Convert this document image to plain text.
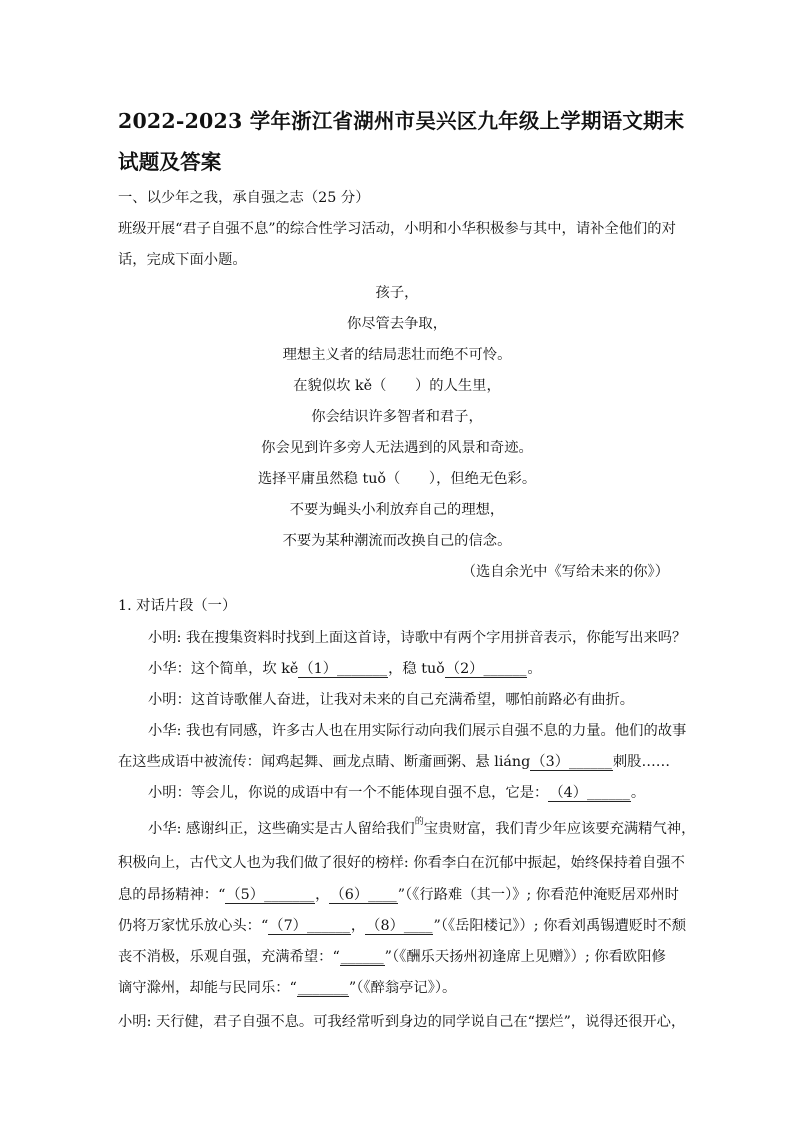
2022-2023 学年浙江省湖州市吴兴区九年级上学期语文期末

试题及答案

一、以少年之我，承自强之志（25 分）

班级开展“君子自强不息”的综合性学习活动，小明和小华积极参与其中，请补全他们的对

话，完成下面小题。

孩子，

你尽管去争取，

理想主义者的结局悲壮而绝不可怜。

在貌似坎 kě（　　）的人生里，

你会结识许多智者和君子，

你会见到许多旁人无法遇到的风景和奇迹。

选择平庸虽然稳 tuǒ（　　），但绝无色彩。

不要为蝇头小利放弃自己的理想，

不要为某种潮流而改换自己的信念。

（选自余光中《写给未来的你》）

1. 对话片段（一）

小明: 我在搜集资料时找到上面这首诗，诗歌中有两个字用拼音表示，你能写出来吗？

小华：这个简单，坎 kě（1）_______，稳 tuǒ（2）______。

小明：这首诗歌催人奋进，让我对未来的自己充满希望，哪怕前路必有曲折。

小华: 我也有同感，许多古人也在用实际行动向我们展示自强不息的力量。他们的故事

在这些成语中被流传：闻鸡起舞、画龙点睛、断齑画粥、悬 liáng（3）______刺股……

小明：等会儿，你说的成语中有一个不能体现自强不息，它是：（4）______。

小华: 感谢纠正，这些确实是古人留给我们$^的$宝贵财富，我们青少年应该要充满精气神，

积极向上，古代文人也为我们做了很好的榜样: 你看李白在沉郁中振起，始终保持着自强不

息的昂扬精神：“（5）_______，（6）____”（《行路难（其一）》; 你看范仲淹贬居邓州时

仍将万家忧乐放心头：“（7）______，（8）____”（《岳阳楼记》）; 你看刘禹锡遭贬时不颓

丧不消极，乐观自强，充满希望：“______”（《酬乐天扬州初逢席上见赠》）; 你看欧阳修

谪守滁州，却能与民同乐：“_______”（《醉翁亭记》）。

小明: 天行健，君子自强不息。可我经常听到身边的同学说自己在“摆烂”，说得还很开心，
